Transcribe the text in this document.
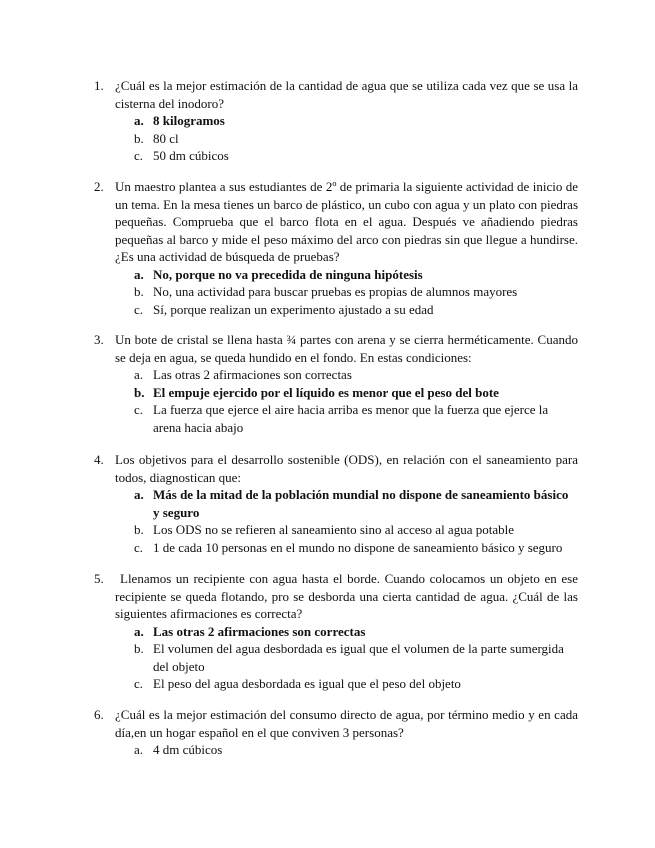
1. ¿Cuál es la mejor estimación de la cantidad de agua que se utiliza cada vez que se usa la cisterna del inodoro?
a. 8 kilogramos
b. 80 cl
c. 50 dm cúbicos
2. Un maestro plantea a sus estudiantes de 2º de primaria la siguiente actividad de inicio de un tema. En la mesa tienes un barco de plástico, un cubo con agua y un plato con piedras pequeñas. Comprueba que el barco flota en el agua. Después ve añadiendo piedras pequeñas al barco y mide el peso máximo del arco con piedras sin que llegue a hundirse. ¿Es una actividad de búsqueda de pruebas?
a. No, porque no va precedida de ninguna hipótesis
b. No, una actividad para buscar pruebas es propias de alumnos mayores
c. Sí, porque realizan un experimento ajustado a su edad
3. Un bote de cristal se llena hasta ¾ partes con arena y se cierra herméticamente. Cuando se deja en agua, se queda hundido en el fondo. En estas condiciones:
a. Las otras 2 afirmaciones son correctas
b. El empuje ejercido por el líquido es menor que el peso del bote
c. La fuerza que ejerce el aire hacia arriba es menor que la fuerza que ejerce la arena hacia abajo
4. Los objetivos para el desarrollo sostenible (ODS), en relación con el saneamiento para todos, diagnostican que:
a. Más de la mitad de la población mundial no dispone de saneamiento básico y seguro
b. Los ODS no se refieren al saneamiento sino al acceso al agua potable
c. 1 de cada 10 personas en el mundo no dispone de saneamiento básico y seguro
5.	Llenamos un recipiente con agua hasta el borde. Cuando colocamos un objeto en ese recipiente se queda flotando, pro se desborda una cierta cantidad de agua. ¿Cuál de las siguientes afirmaciones es correcta?
a. Las otras 2 afirmaciones son correctas
b. El volumen del agua desbordada es igual que el volumen de la parte sumergida del objeto
c. El peso del agua desbordada es igual que el peso del objeto
6. ¿Cuál es la mejor estimación del consumo directo de agua, por término medio y en cada día,en un hogar español en el que conviven 3 personas?
a. 4 dm cúbicos
